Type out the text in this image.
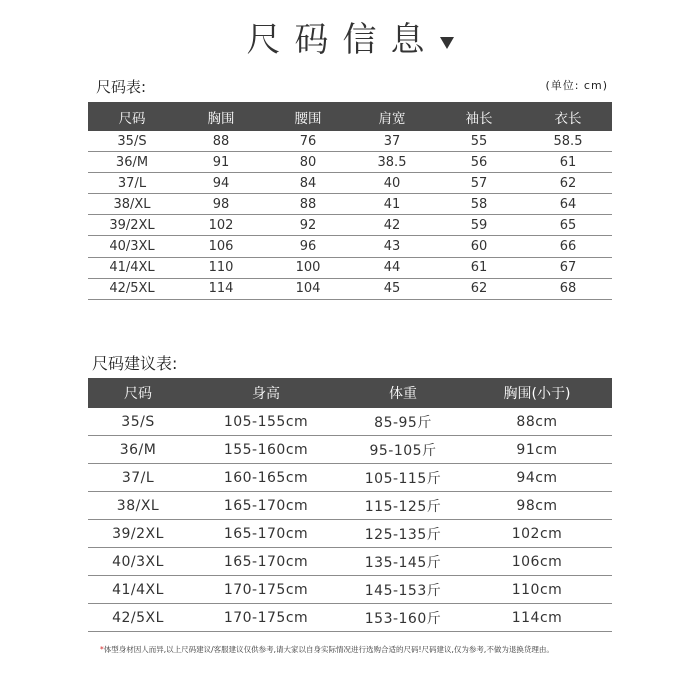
尺码信息
尺码表:	(单位: cm)
尺码	胸围	腰围	肩宽	袖长	衣长
35/S	88	76	37	55	58.5
36/M	91	80	38.5	56	61
37/L	94	84	40	57	62
38/XL	98	88	41	58	64
39/2XL	102	92	42	59	65
40/3XL	106	96	43	60	66
41/4XL	110	100	44	61	67
42/5XL	114	104	45	62	68
尺码建议表:
尺码	身高	体重	胸围(小于)
35/S	105-155cm	85-95斤	88cm
36/M	155-160cm	95-105斤	91cm
37/L	160-165cm	105-115斤	94cm
38/XL	165-170cm	115-125斤	98cm
39/2XL	165-170cm	125-135斤	102cm
40/3XL	165-170cm	135-145斤	106cm
41/4XL	170-175cm	145-153斤	110cm
42/5XL	170-175cm	153-160斤	114cm
*体型身材因人而异,以上尺码建议/客服建议仅供参考,请大家以自身实际情况进行选购合适的尺码!尺码建议,仅为参考,不做为退换货理由。
